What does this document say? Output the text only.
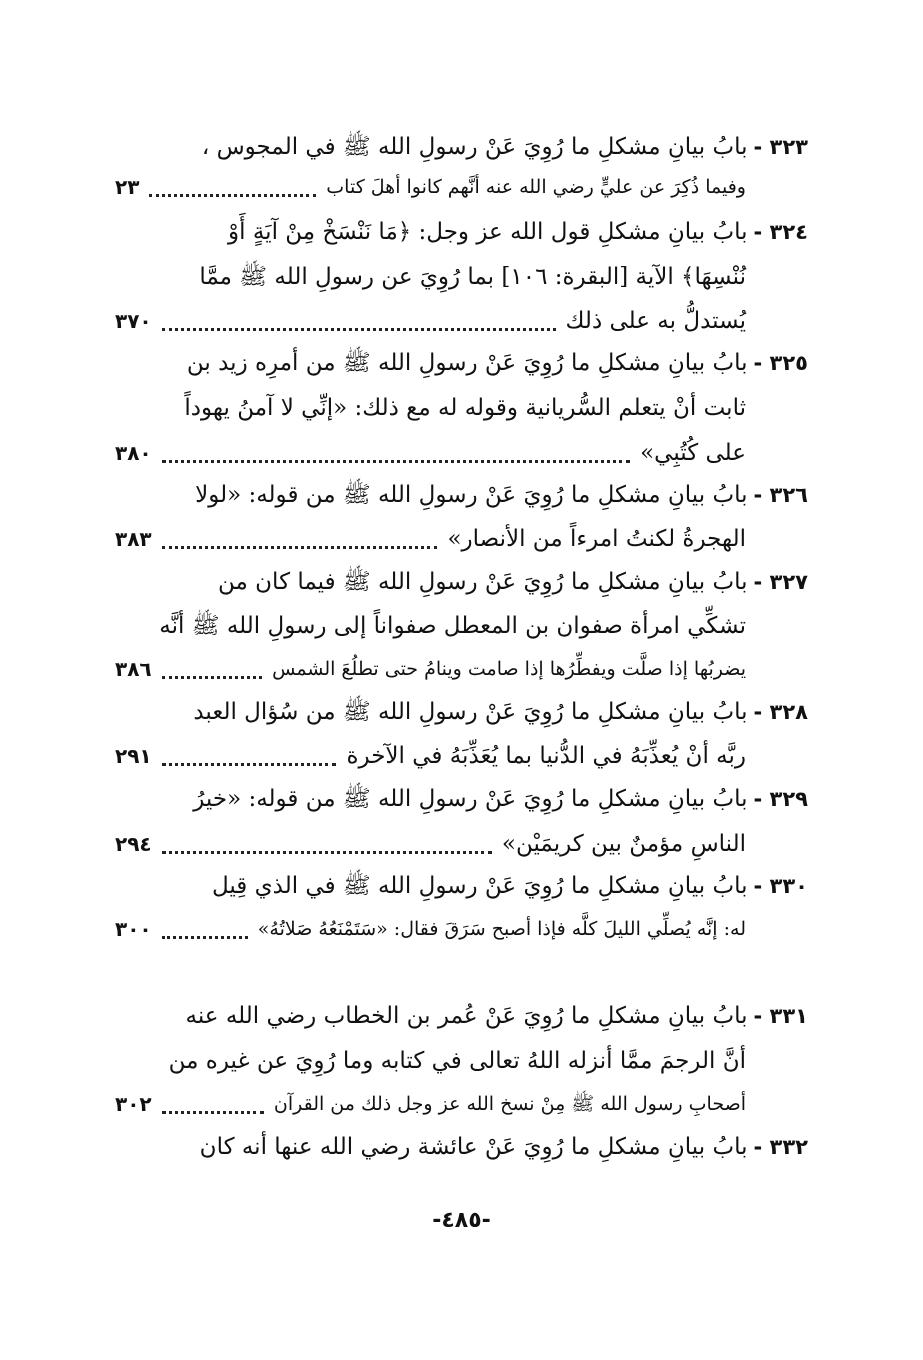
٣٢٣ -
بابُ بيانِ مشكلِ ما رُوِيَ عَنْ رسولِ الله ﷺ في المجوس ،
وفيما ذُكِرَ عن عليٍّ رضي الله عنه أنَّهم كانوا أهلَ كتاب
٢٣
٣٢٤ -
بابُ بيانِ مشكلِ قول الله عز وجل: ﴿مَا نَنْسَخْ مِنْ آيَةٍ أَوْ
نُنْسِهَا﴾ الآية [البقرة: ١٠٦] بما رُوِيَ عن رسولِ الله ﷺ ممَّا
يُستدلُّ به على ذلك
٣٧٠
٣٢٥ -
بابُ بيانِ مشكلِ ما رُوِيَ عَنْ رسولِ الله ﷺ من أمرِه زيد بن
ثابت أنْ يتعلم السُّريانية وقوله له مع ذلك: «إنِّي لا آمنُ يهوداً
على كُتُبِي»
٣٨٠
٣٢٦ -
بابُ بيانِ مشكلِ ما رُوِيَ عَنْ رسولِ الله ﷺ من قوله: «لولا
الهجرةُ لكنتُ امرءاً من الأنصار»
٣٨٣
٣٢٧ -
بابُ بيانِ مشكلِ ما رُوِيَ عَنْ رسولِ الله ﷺ فيما كان من
تشكِّي امرأة صفوان بن المعطل صفواناً إلى رسولِ الله ﷺ أنَّه
يضربُها إذا صلَّت ويفطِّرُها إذا صامت وينامُ حتى تطلُعَ الشمس
٣٨٦
٣٢٨ -
بابُ بيانِ مشكلِ ما رُوِيَ عَنْ رسولِ الله ﷺ من سُؤال العبد
ربَّه أنْ يُعذِّبَهُ في الدُّنيا بما يُعَذِّبَهُ في الآخرة
٢٩١
٣٢٩ -
بابُ بيانِ مشكلِ ما رُوِيَ عَنْ رسولِ الله ﷺ من قوله: «خيرُ
الناسِ مؤمنٌ بين كريمَيْن»
٢٩٤
٣٣٠ -
بابُ بيانِ مشكلِ ما رُوِيَ عَنْ رسولِ الله ﷺ في الذي قِيل
له: إنَّه يُصلِّي الليلَ كلَّه فإذا أصبح سَرَقَ فقال: «سَتَمْنَعُهُ صَلاتُهُ»
٣٠٠
٣٣١ -
بابُ بيانِ مشكلِ ما رُوِيَ عَنْ عُمر بن الخطاب رضي الله عنه
أنَّ الرجمَ ممَّا أنزله اللهُ تعالى في كتابه وما رُوِيَ عن غيره من
أصحابِ رسول الله ﷺ مِنْ نسخ الله عز وجل ذلك من القرآن
٣٠٢
٣٣٢ -
بابُ بيانِ مشكلِ ما رُوِيَ عَنْ عائشة رضي الله عنها أنه كان
-٤٨٥-
